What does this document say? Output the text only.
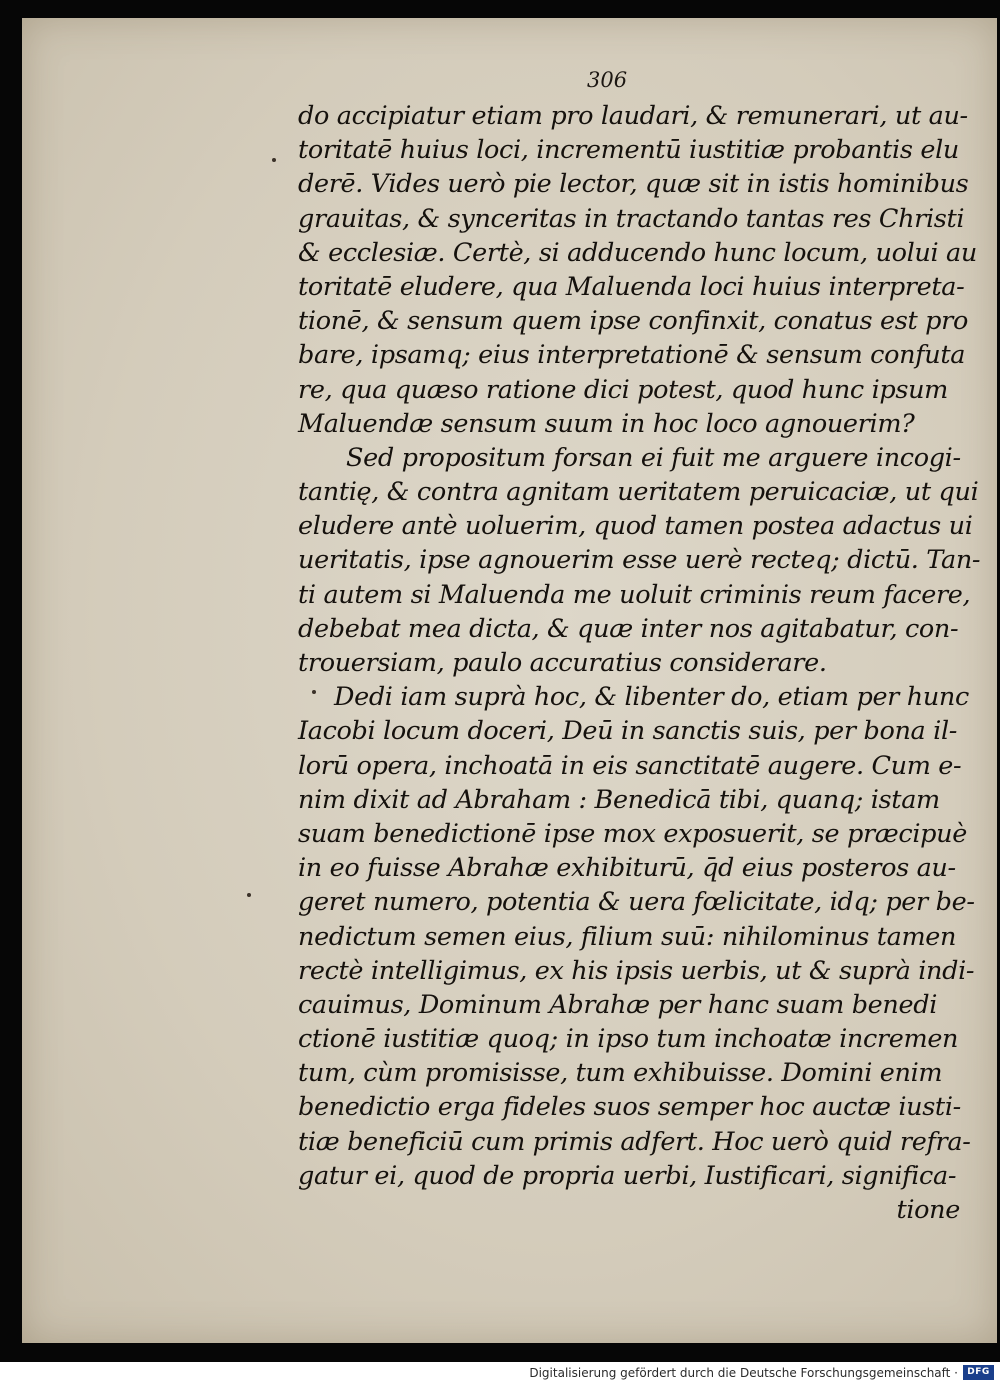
306
do accipiatur etiam pro laudari, & remunerari, ut au-
toritatē huius loci, incrementū iustitiæ probantis elu
derē. Vides uerò pie lector, quæ sit in istis hominibus
grauitas, & synceritas in tractando tantas res Christi
& ecclesiæ. Certè, si adducendo hunc locum, uolui au
toritatē eludere, qua Maluenda loci huius interpreta-
tionē, & sensum quem ipse confinxit, conatus est pro
bare, ipsamq; eius interpretationē & sensum confuta
re, qua quæso ratione dici potest, quod hunc ipsum
Maluendæ sensum suum in hoc loco agnouerim?
Sed propositum forsan ei fuit me arguere incogi-
tantię, & contra agnitam ueritatem peruicaciæ, ut qui
eludere antè uoluerim, quod tamen postea adactus ui
ueritatis, ipse agnouerim esse uerè recteq; dictū. Tan-
ti autem si Maluenda me uoluit criminis reum facere,
debebat mea dicta, & quæ inter nos agitabatur, con-
trouersiam, paulo accuratius considerare.
Dedi iam suprà hoc, & libenter do, etiam per hunc
Iacobi locum doceri, Deū in sanctis suis, per bona il-
lorū opera, inchoatā in eis sanctitatē augere. Cum e-
nim dixit ad Abraham : Benedicā tibi, quanq; istam
suam benedictionē ipse mox exposuerit, se præcipuè
in eo fuisse Abrahæ exhibiturū, q̄d eius posteros au-
geret numero, potentia & uera fœlicitate, idq; per be-
nedictum semen eius, filium suū: nihilominus tamen
rectè intelligimus, ex his ipsis uerbis, ut & suprà indi-
cauimus, Dominum Abrahæ per hanc suam benedi
ctionē iustitiæ quoq; in ipso tum inchoatæ incremen
tum, cùm promisisse, tum exhibuisse. Domini enim
benedictio erga fideles suos semper hoc auctæ iusti-
tiæ beneficiū cum primis adfert. Hoc uerò quid refra-
gatur ei, quod de propria uerbi, Iustificari, significa-
tione
Digitalisierung gefördert durch die Deutsche Forschungsgemeinschaft ·	DFG
